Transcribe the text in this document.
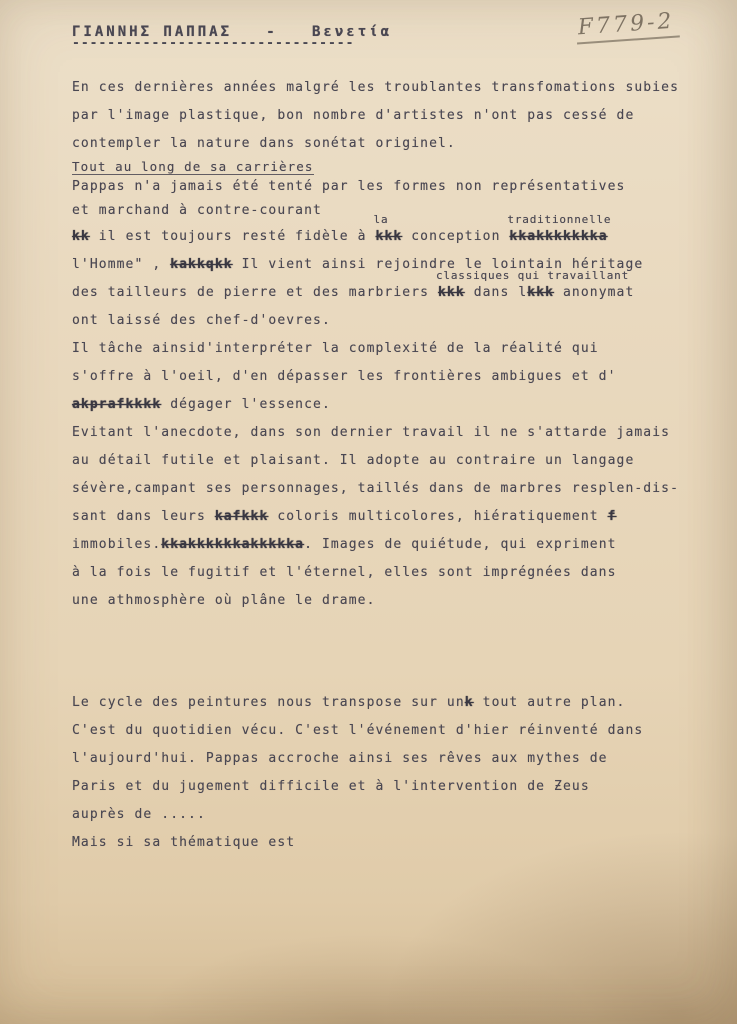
F779-2
ΓΙΑΝΝΗΣ ΠΑΠΠΑΣ   -   Βενετία
--------------------------------
En ces dernières années malgré les troublantes transfomations subies
par l'image plastique, bon nombre d'artistes n'ont pas cessé de
contempler la nature dans sonétat originel.
Tout au long de sa carrières
Pappas n'a jamais été tenté par les formes non représentatives
et marchand à contre-courant
kk il est toujours resté fidèle à
la
kkk conception
traditionnelle
kkakkkkkkka
l'Homme" , kakkqkk Il vient ainsi rejoindre le lointain héritage
des tailleurs de pierre et des marbriers
classiques qui travaillant
kkk dans lkkk anonymat
ont laissé des chef-d'oevres.
Il tâche ainsid'interpréter la complexité de la réalité qui
s'offre à l'oeil, d'en dépasser les frontières ambigues et d'
akprafkkkk dégager l'essence.
Evitant l'anecdote, dans son dernier travail il ne s'attarde jamais
au détail futile et plaisant. Il adopte au contraire un langage
sévère,campant ses personnages, taillés dans de marbres resplen-dis-
sant dans leurs kafkkk coloris multicolores, hiératiquement f
immobiles.kkakkkkkkakkkkka. Images de quiétude, qui expriment
à la fois le fugitif et l'éternel, elles sont imprégnées dans
une athmosphère où plâne le drame.
Le cycle des peintures nous transpose sur unk tout autre plan.
C'est du quotidien vécu. C'est l'événement d'hier réinventé dans
l'aujourd'hui. Pappas accroche ainsi ses rêves aux mythes de
Paris et du jugement difficile et à l'intervention de Ƶeus
auprès de .....
Mais si sa thématique est
